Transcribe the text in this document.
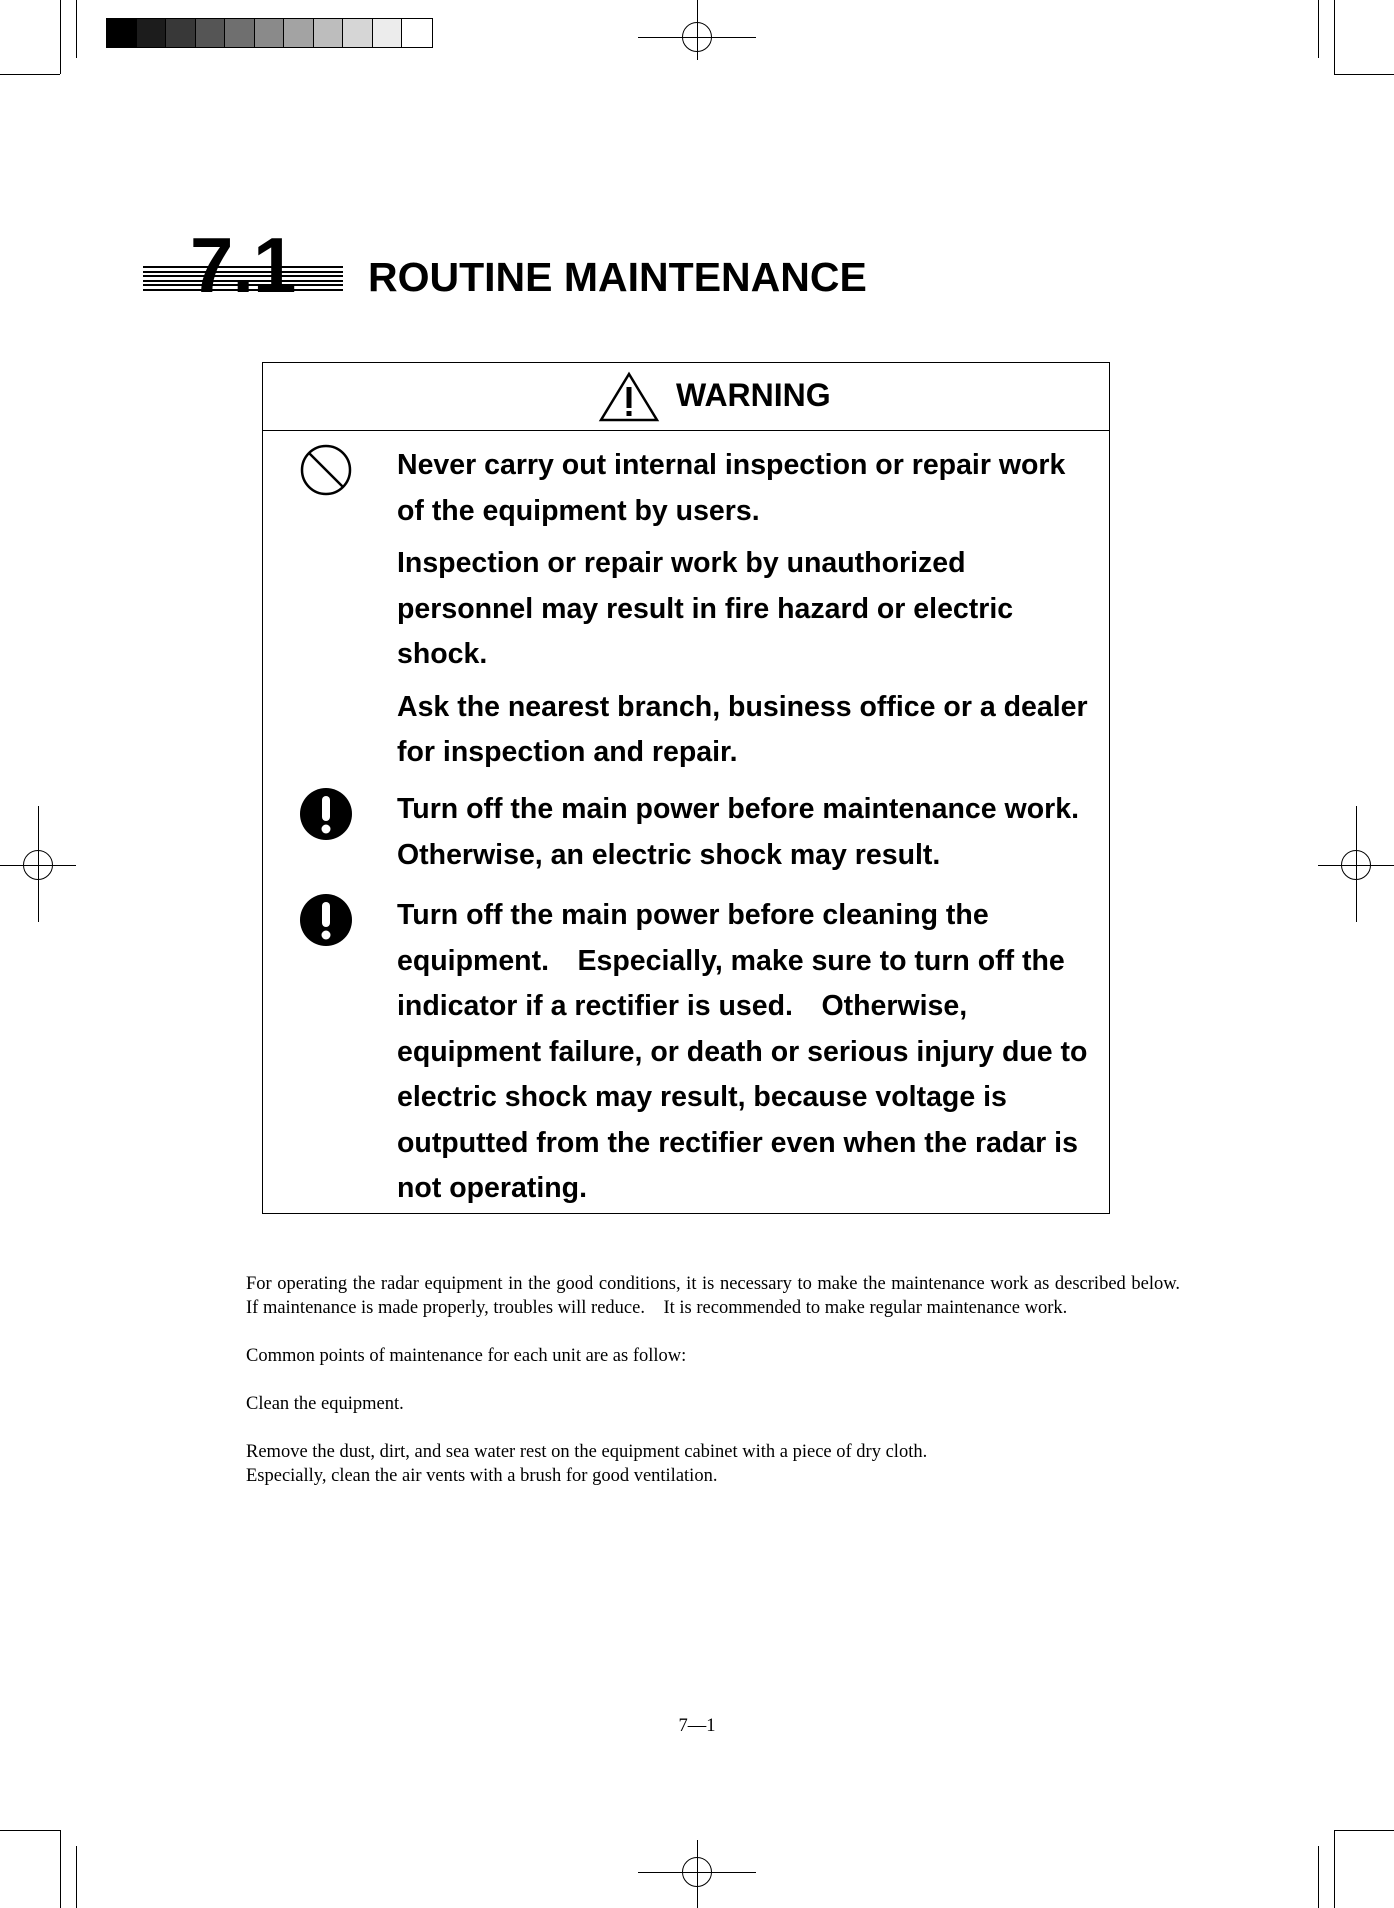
7.1 ROUTINE MAINTENANCE
WARNING
Never carry out internal inspection or repair work
of the equipment by users.
Inspection or repair work by unauthorized
personnel may result in fire hazard or electric
shock.
Ask the nearest branch, business office or a dealer
for inspection and repair.
Turn off the main power before maintenance work.
Otherwise, an electric shock may result.
Turn off the main power before cleaning the
equipment.　Especially, make sure to turn off the
indicator if a rectifier is used.　Otherwise,
equipment failure, or death or serious injury due to
electric shock may result, because voltage is
outputted from the rectifier even when the radar is
not operating.
For operating the radar equipment in the good conditions, it is necessary to make the maintenance work as described below.　If maintenance is made properly, troubles will reduce.　It is recommended to make regular maintenance work.
Common points of maintenance for each unit are as follow:
Clean the equipment.
Remove the dust, dirt, and sea water rest on the equipment cabinet with a piece of dry cloth.
Especially, clean the air vents with a brush for good ventilation.
7—1
